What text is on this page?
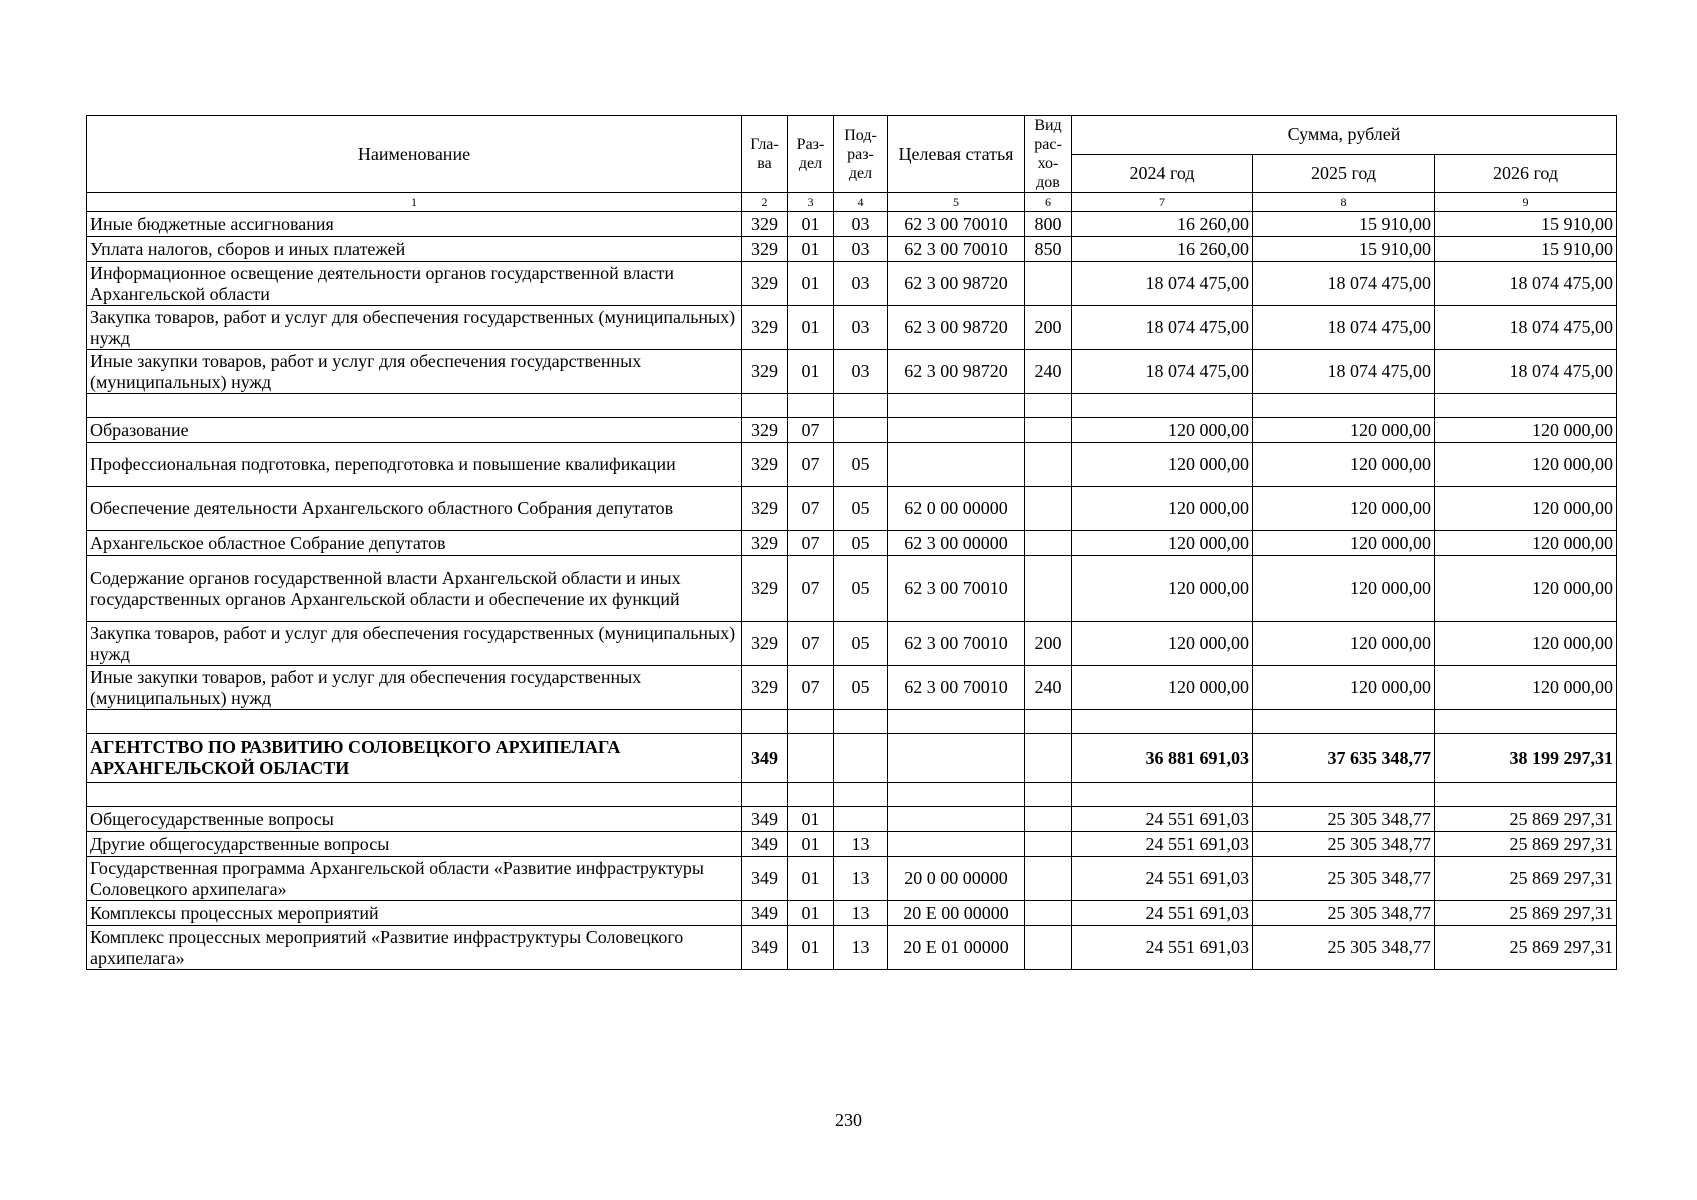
Наименование	Гла-ва	Раз-дел	Под-раз-дел	Целевая статья	Вид рас-хо-дов	Сумма, рублей		
						2024 год	2025 год	2026 год
1	2	3	4	5	6	7	8	9
Иные бюджетные ассигнования	329	01	03	62 3 00 70010	800	16 260,00	15 910,00	15 910,00
Уплата налогов, сборов и иных платежей	329	01	03	62 3 00 70010	850	16 260,00	15 910,00	15 910,00
Информационное освещение деятельности органов государственной власти Архангельской области	329	01	03	62 3 00 98720		18 074 475,00	18 074 475,00	18 074 475,00
Закупка товаров, работ и услуг для обеспечения государственных (муниципальных) нужд	329	01	03	62 3 00 98720	200	18 074 475,00	18 074 475,00	18 074 475,00
Иные закупки товаров, работ и услуг для обеспечения государственных (муниципальных) нужд	329	01	03	62 3 00 98720	240	18 074 475,00	18 074 475,00	18 074 475,00

Образование	329	07				120 000,00	120 000,00	120 000,00
Профессиональная подготовка, переподготовка и повышение квалификации	329	07	05			120 000,00	120 000,00	120 000,00
Обеспечение деятельности Архангельского областного Собрания депутатов	329	07	05	62 0 00 00000		120 000,00	120 000,00	120 000,00
Архангельское областное Собрание депутатов	329	07	05	62 3 00 00000		120 000,00	120 000,00	120 000,00
Содержание органов государственной власти Архангельской области и иных государственных органов Архангельской области и обеспечение их функций	329	07	05	62 3 00 70010		120 000,00	120 000,00	120 000,00
Закупка товаров, работ и услуг для обеспечения государственных (муниципальных) нужд	329	07	05	62 3 00 70010	200	120 000,00	120 000,00	120 000,00
Иные закупки товаров, работ и услуг для обеспечения государственных (муниципальных) нужд	329	07	05	62 3 00 70010	240	120 000,00	120 000,00	120 000,00

АГЕНТСТВО ПО РАЗВИТИЮ СОЛОВЕЦКОГО АРХИПЕЛАГА АРХАНГЕЛЬСКОЙ ОБЛАСТИ	349					36 881 691,03	37 635 348,77	38 199 297,31

Общегосударственные вопросы	349	01				24 551 691,03	25 305 348,77	25 869 297,31
Другие общегосударственные вопросы	349	01	13			24 551 691,03	25 305 348,77	25 869 297,31
Государственная программа Архангельской области «Развитие инфраструктуры Соловецкого архипелага»	349	01	13	20 0 00 00000		24 551 691,03	25 305 348,77	25 869 297,31
Комплексы процессных мероприятий	349	01	13	20 Е 00 00000		24 551 691,03	25 305 348,77	25 869 297,31
Комплекс процессных мероприятий «Развитие инфраструктуры Соловецкого архипелага»	349	01	13	20 Е 01 00000		24 551 691,03	25 305 348,77	25 869 297,31
230
